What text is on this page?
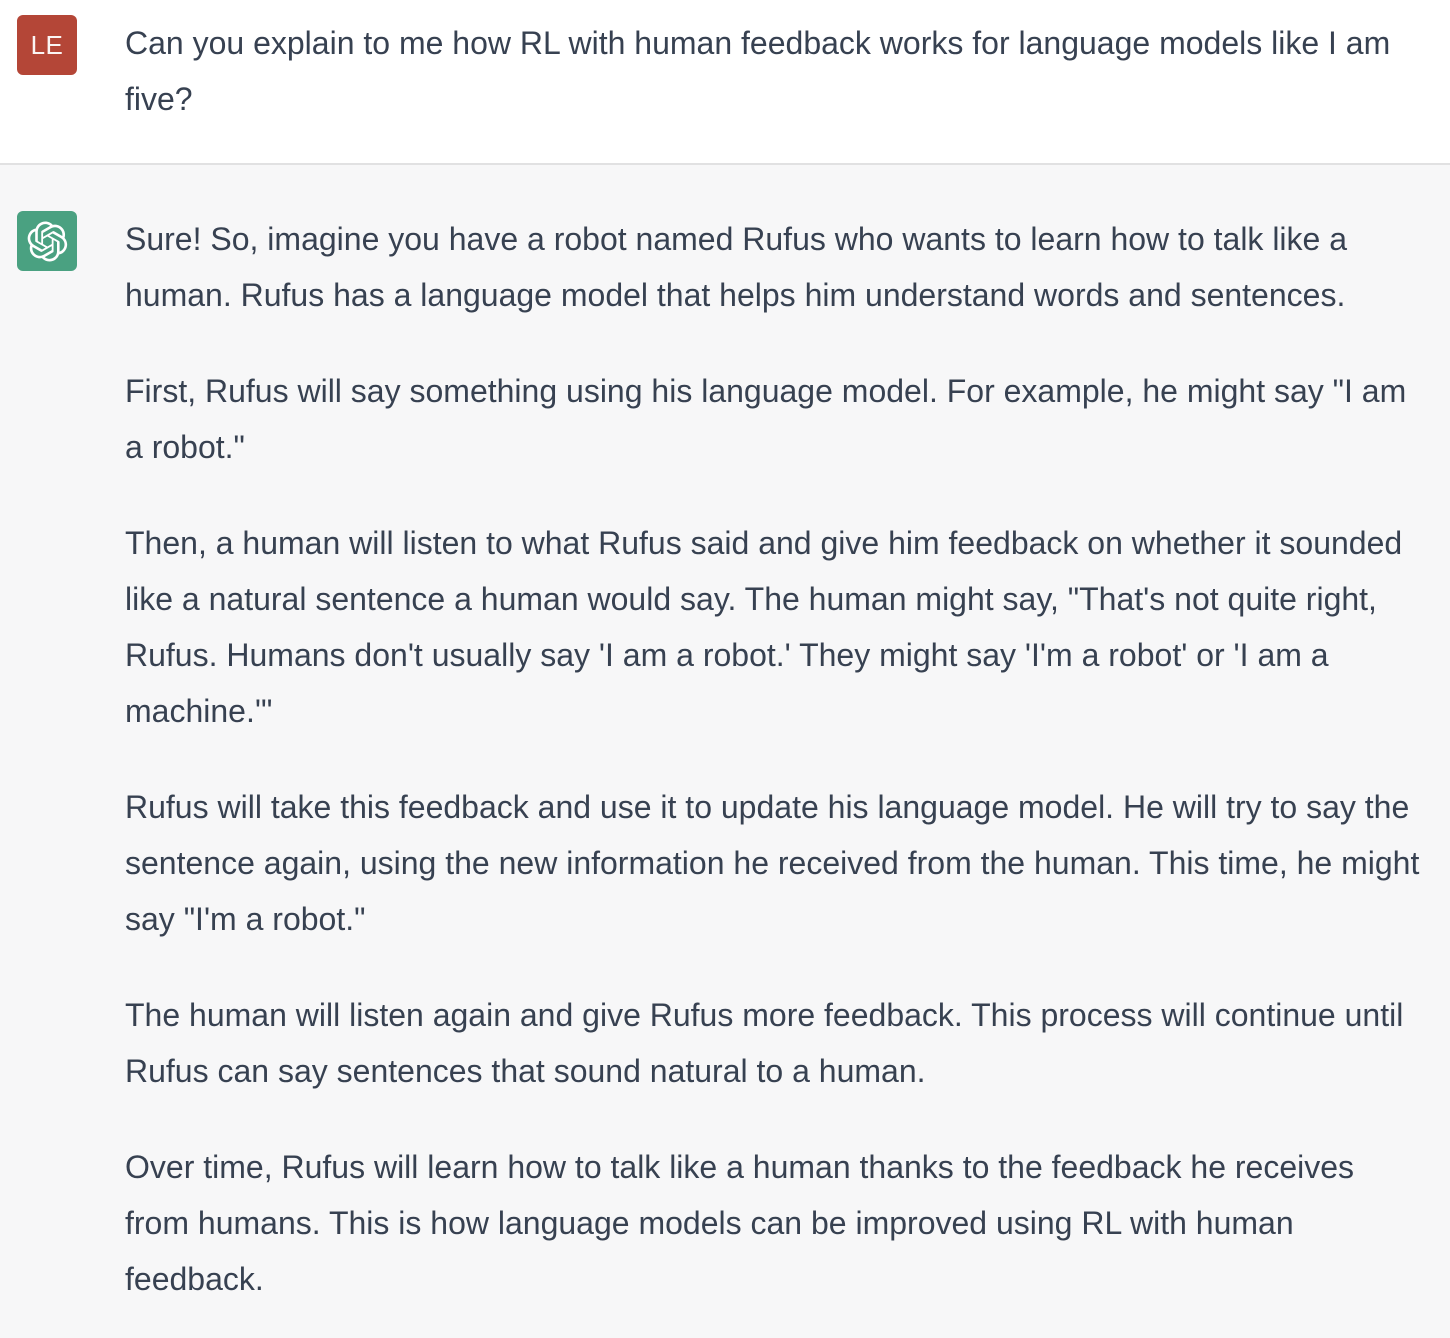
LE Can you explain to me how RL with human feedback works for language models like I am five?

Sure! So, imagine you have a robot named Rufus who wants to learn how to talk like a human. Rufus has a language model that helps him understand words and sentences.

First, Rufus will say something using his language model. For example, he might say "I am a robot."

Then, a human will listen to what Rufus said and give him feedback on whether it sounded like a natural sentence a human would say. The human might say, "That's not quite right, Rufus. Humans don't usually say 'I am a robot.' They might say 'I'm a robot' or 'I am a machine.'"

Rufus will take this feedback and use it to update his language model. He will try to say the sentence again, using the new information he received from the human. This time, he might say "I'm a robot."

The human will listen again and give Rufus more feedback. This process will continue until Rufus can say sentences that sound natural to a human.

Over time, Rufus will learn how to talk like a human thanks to the feedback he receives from humans. This is how language models can be improved using RL with human feedback.
